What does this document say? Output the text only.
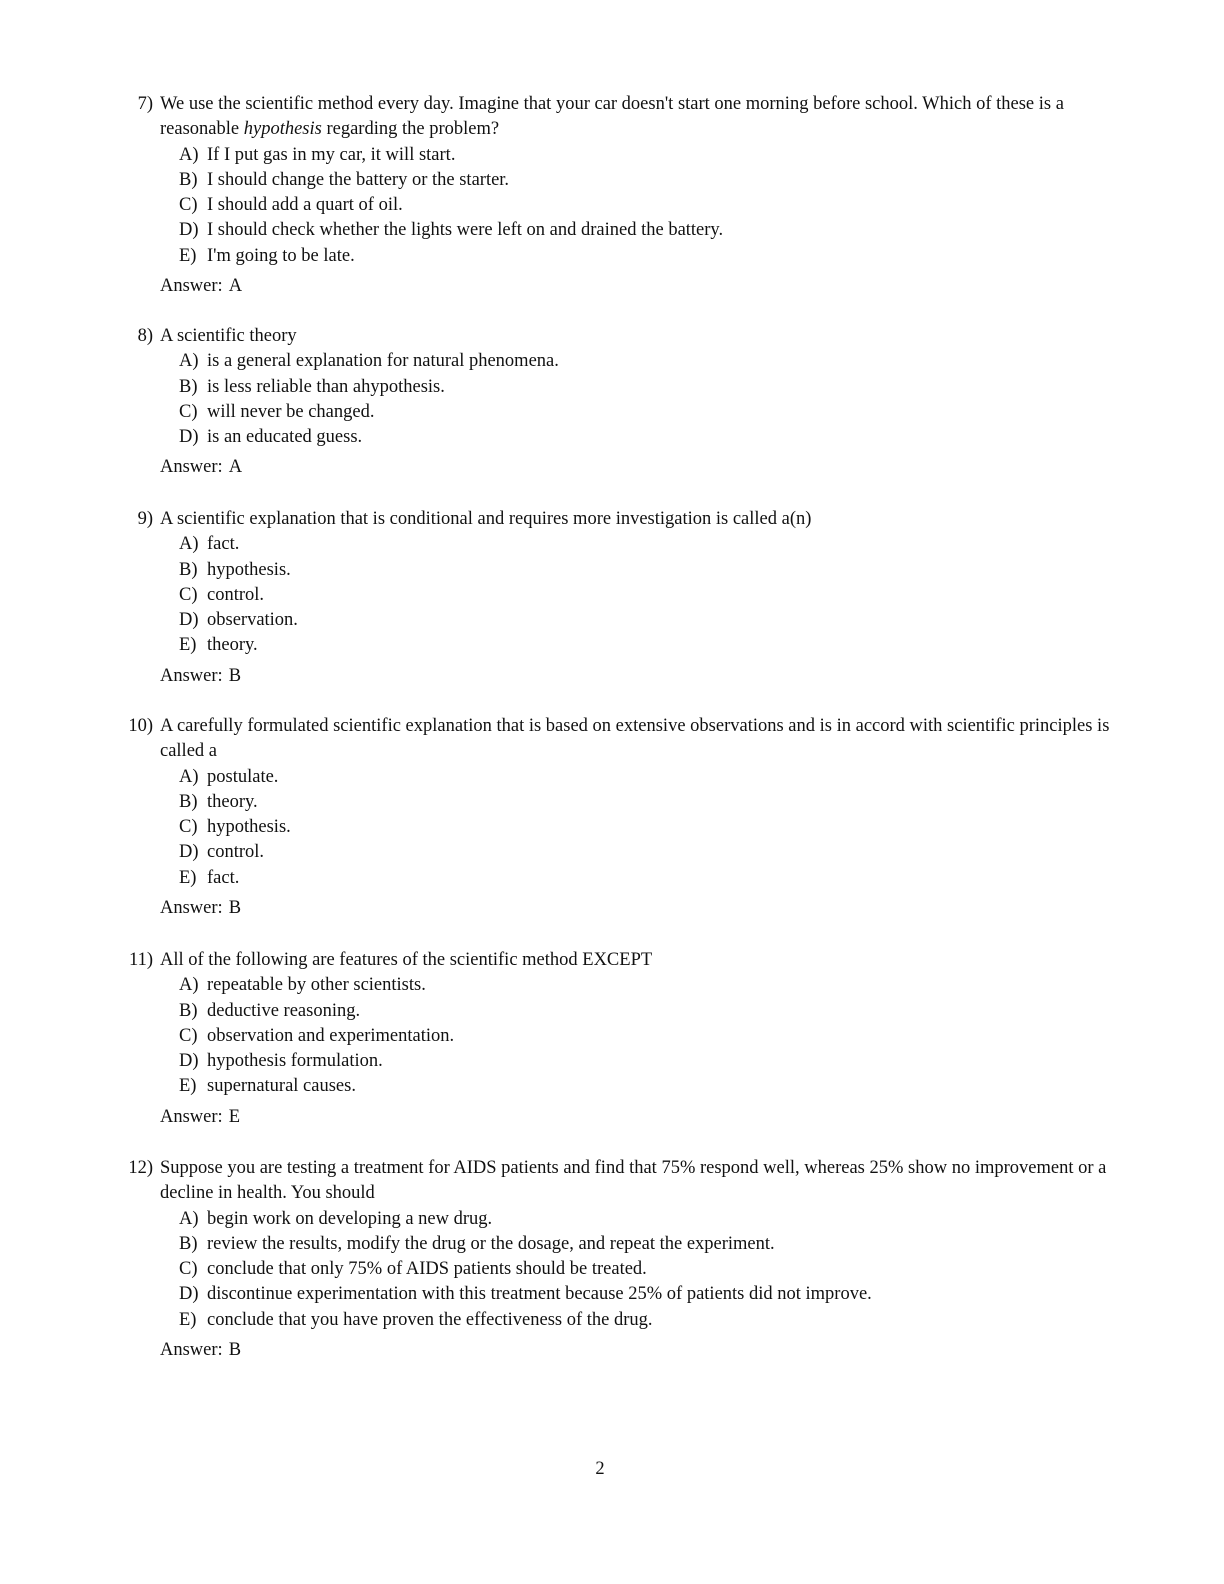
7) We use the scientific method every day. Imagine that your car doesn't start one morning before school. Which of these is a reasonable hypothesis regarding the problem?
A) If I put gas in my car, it will start.
B) I should change the battery or the starter.
C) I should add a quart of oil.
D) I should check whether the lights were left on and drained the battery.
E) I'm going to be late.
Answer: A
8) A scientific theory
A) is a general explanation for natural phenomena.
B) is less reliable than ahypothesis.
C) will never be changed.
D) is an educated guess.
Answer: A
9) A scientific explanation that is conditional and requires more investigation is called a(n)
A) fact.
B) hypothesis.
C) control.
D) observation.
E) theory.
Answer: B
10) A carefully formulated scientific explanation that is based on extensive observations and is in accord with scientific principles is called a
A) postulate.
B) theory.
C) hypothesis.
D) control.
E) fact.
Answer: B
11) All of the following are features of the scientific method EXCEPT
A) repeatable by other scientists.
B) deductive reasoning.
C) observation and experimentation.
D) hypothesis formulation.
E) supernatural causes.
Answer: E
12) Suppose you are testing a treatment for AIDS patients and find that 75% respond well, whereas 25% show no improvement or a decline in health. You should
A) begin work on developing a new drug.
B) review the results, modify the drug or the dosage, and repeat the experiment.
C) conclude that only 75% of AIDS patients should be treated.
D) discontinue experimentation with this treatment because 25% of patients did not improve.
E) conclude that you have proven the effectiveness of the drug.
Answer: B
2
